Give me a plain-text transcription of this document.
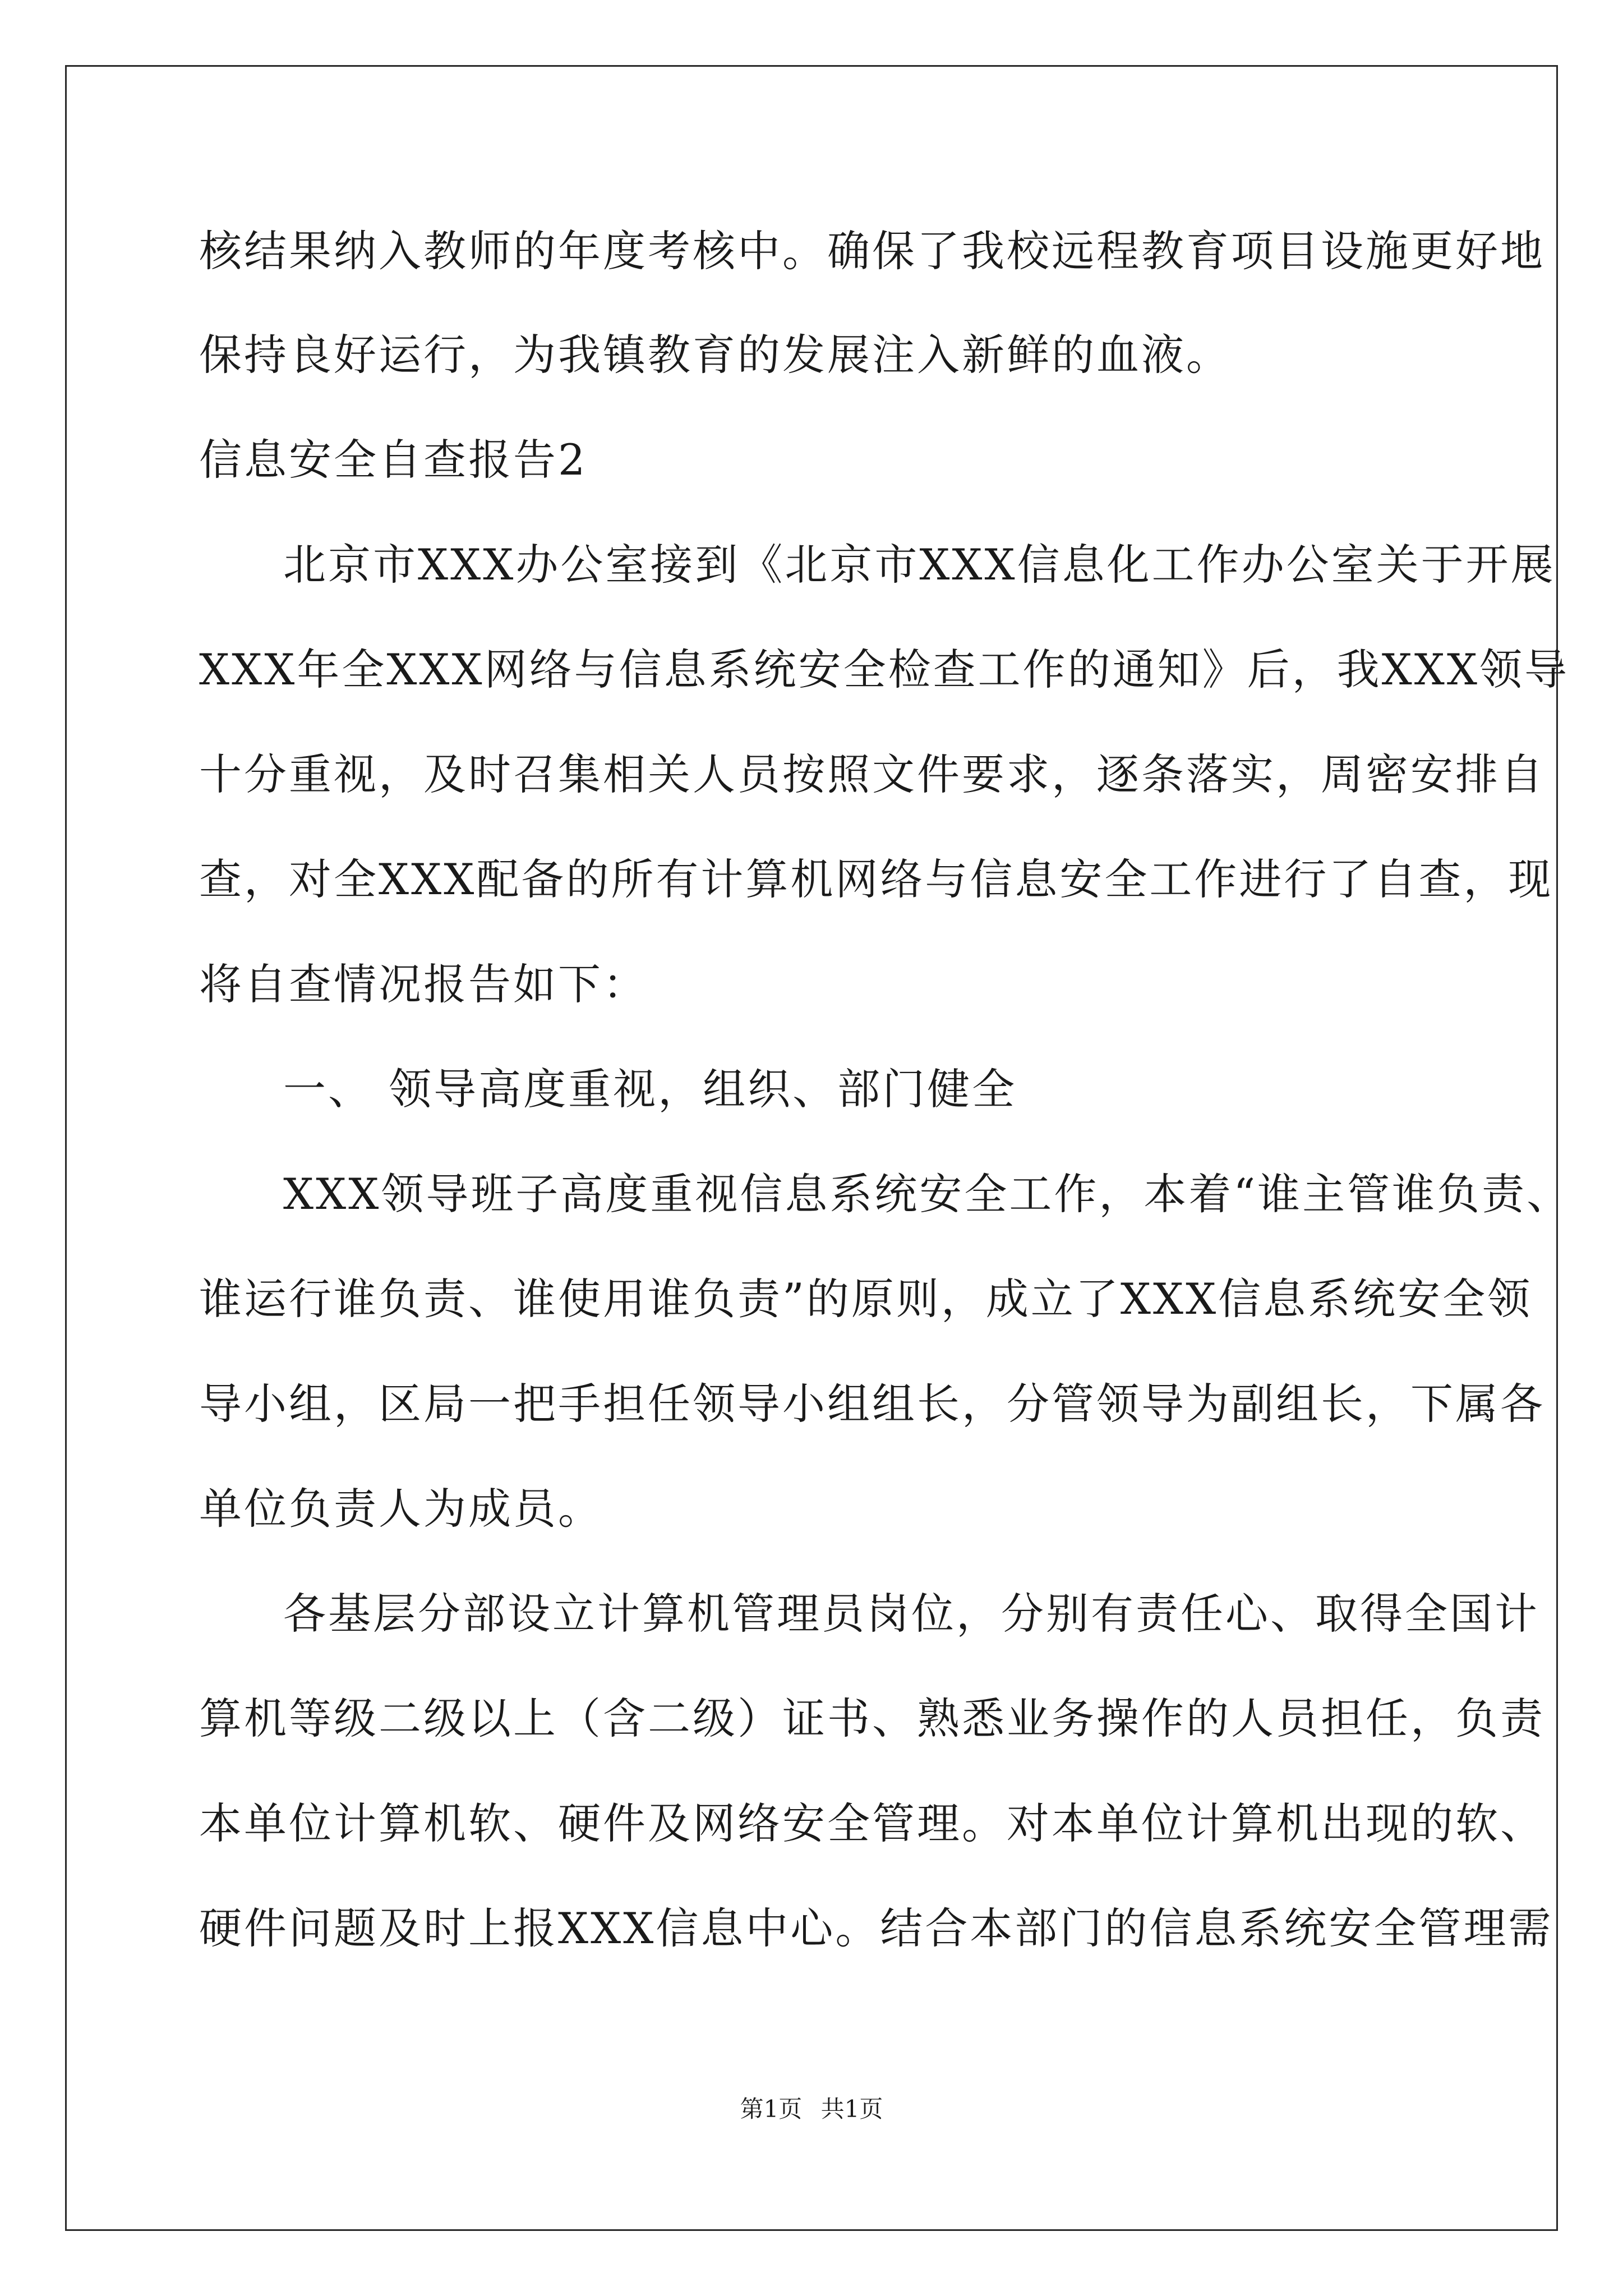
核结果纳入教师的年度考核中。确保了我校远程教育项目设施更好地
保持良好运行，为我镇教育的发展注入新鲜的血液。
信息安全自查报告2
北京市XXX办公室接到《北京市XXX信息化工作办公室关于开展
XXX年全XXX网络与信息系统安全检查工作的通知》后，我XXX领导
十分重视，及时召集相关人员按照文件要求，逐条落实，周密安排自
查，对全XXX配备的所有计算机网络与信息安全工作进行了自查，现
将自查情况报告如下：
一、 领导高度重视，组织、部门健全
XXX领导班子高度重视信息系统安全工作，本着“谁主管谁负责、
谁运行谁负责、谁使用谁负责”的原则，成立了XXX信息系统安全领
导小组，区局一把手担任领导小组组长，分管领导为副组长，下属各
单位负责人为成员。
各基层分部设立计算机管理员岗位，分别有责任心、取得全国计
算机等级二级以上（含二级）证书、熟悉业务操作的人员担任，负责
本单位计算机软、硬件及网络安全管理。对本单位计算机出现的软、
硬件问题及时上报XXX信息中心。结合本部门的信息系统安全管理需
第1页 共1页
